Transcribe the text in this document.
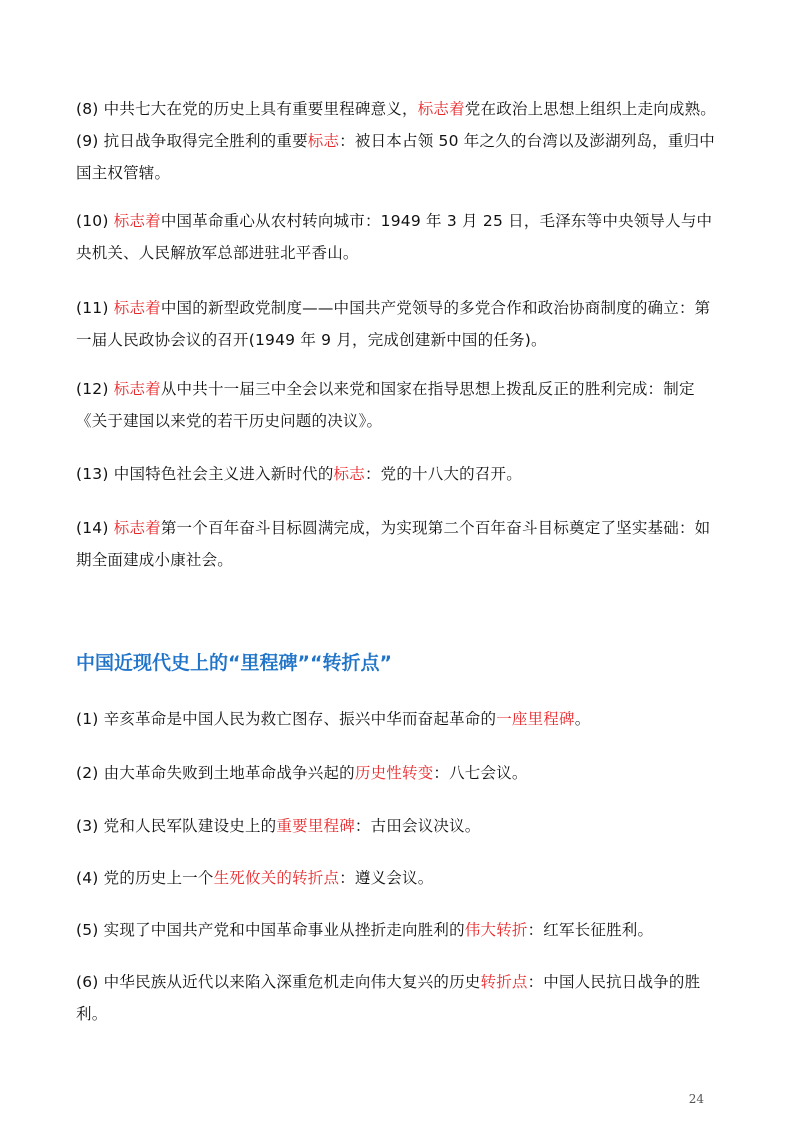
(8) 中共七大在党的历史上具有重要里程碑意义，标志着党在政治上思想上组织上走向成熟。

(9) 抗日战争取得完全胜利的重要标志：被日本占领 50 年之久的台湾以及澎湖列岛，重归中国主权管辖。

(10) 标志着中国革命重心从农村转向城市：1949 年 3 月 25 日，毛泽东等中央领导人与中央机关、人民解放军总部进驻北平香山。

(11) 标志着中国的新型政党制度——中国共产党领导的多党合作和政治协商制度的确立：第一届人民政协会议的召开(1949 年 9 月，完成创建新中国的任务)。

(12) 标志着从中共十一届三中全会以来党和国家在指导思想上拨乱反正的胜利完成：制定《关于建国以来党的若干历史问题的决议》。

(13) 中国特色社会主义进入新时代的标志：党的十八大的召开。

(14) 标志着第一个百年奋斗目标圆满完成，为实现第二个百年奋斗目标奠定了坚实基础：如期全面建成小康社会。

中国近现代史上的“里程碑”“转折点”

(1) 辛亥革命是中国人民为救亡图存、振兴中华而奋起革命的一座里程碑。

(2) 由大革命失败到土地革命战争兴起的历史性转变：八七会议。

(3) 党和人民军队建设史上的重要里程碑：古田会议决议。

(4) 党的历史上一个生死攸关的转折点：遵义会议。

(5) 实现了中国共产党和中国革命事业从挫折走向胜利的伟大转折：红军长征胜利。

(6) 中华民族从近代以来陷入深重危机走向伟大复兴的历史转折点：中国人民抗日战争的胜利。

24
